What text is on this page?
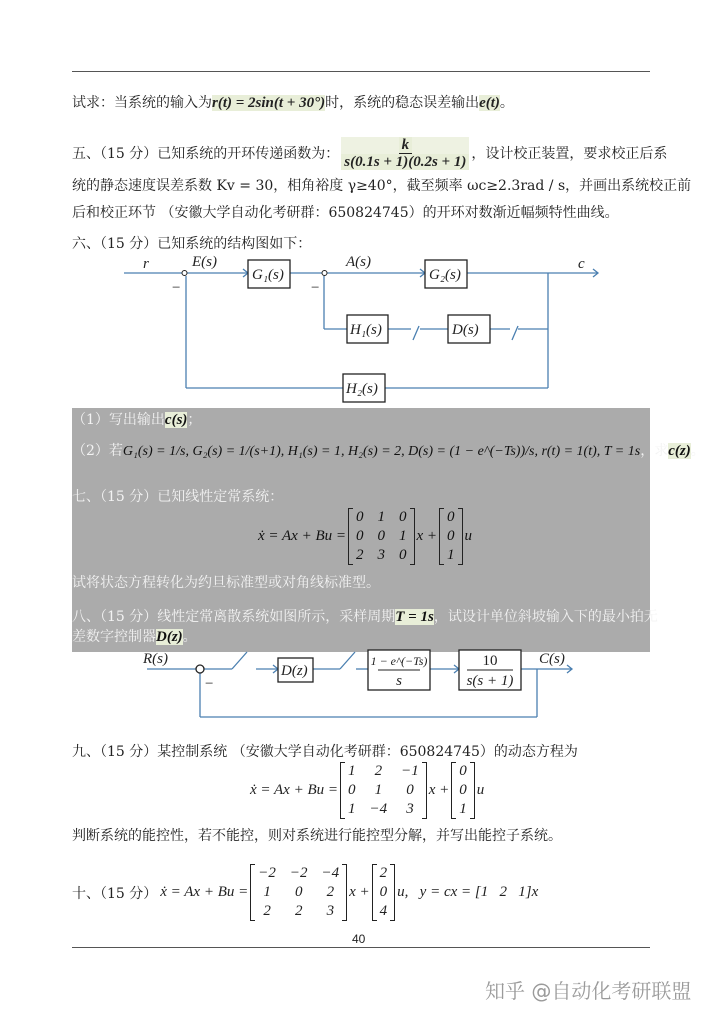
试求：当系统的输入为r(t) = 2sin(t + 30°)时，系统的稳态误差输出e(t)。
五、（15 分）已知系统的开环传递函数为： $\frac{k}{s(0.1s + 1)(0.2s + 1)}$ ，设计校正装置，要求校正后系
统的静态速度误差系数 Kv = 30，相角裕度 γ≥40°，截至频率 ωc≥2.3rad / s，并画出系统校正前
后和校正环节 （安徽大学自动化考研群：650824745）的开环对数渐近幅频特性曲线。
六、（15 分）已知系统的结构图如下：
r	E(s)	A(s)	c
−	−
G₁(s)	G₂(s)
H₁(s)	D(s)
H₂(s)
（1）写出输出c(s)；
（2）若G₁(s) = 1/s, G₂(s) = 1/(s+1), H₁(s) = 1, H₂(s) = 2, D(s) = (1 − e^(−Ts))/s, r(t) = 1(t), T = 1s，求c(z)。
七、（15 分）已知线性定常系统：
ẋ = Ax + Bu =
0	1	0
0	0	1
2	3	0
x +
0
0
1
u
试将状态方程转化为约旦标准型或对角线标准型。
八、（15 分）线性定常离散系统如图所示，采样周期T = 1s，试设计单位斜坡输入下的最小拍无
差数字控制器D(z)。
R(s)	C(s)
−
D(z)
1 − e^(−Ts)
s
10
s(s + 1)
九、（15 分）某控制系统 （安徽大学自动化考研群：650824745）的动态方程为
ẋ = Ax + Bu =
1	2	−1
0	1	0
1	−4	3
x +
0
0
1
u
判断系统的能控性，若不能控，则对系统进行能控型分解，并写出能控子系统。
十、（15 分） ẋ = Ax + Bu =
−2	−2	−4
1	0	2
2	2	3
x +
2
0
4
u,   y = cx = [1   2   1]x
40
知乎 @自动化考研联盟
